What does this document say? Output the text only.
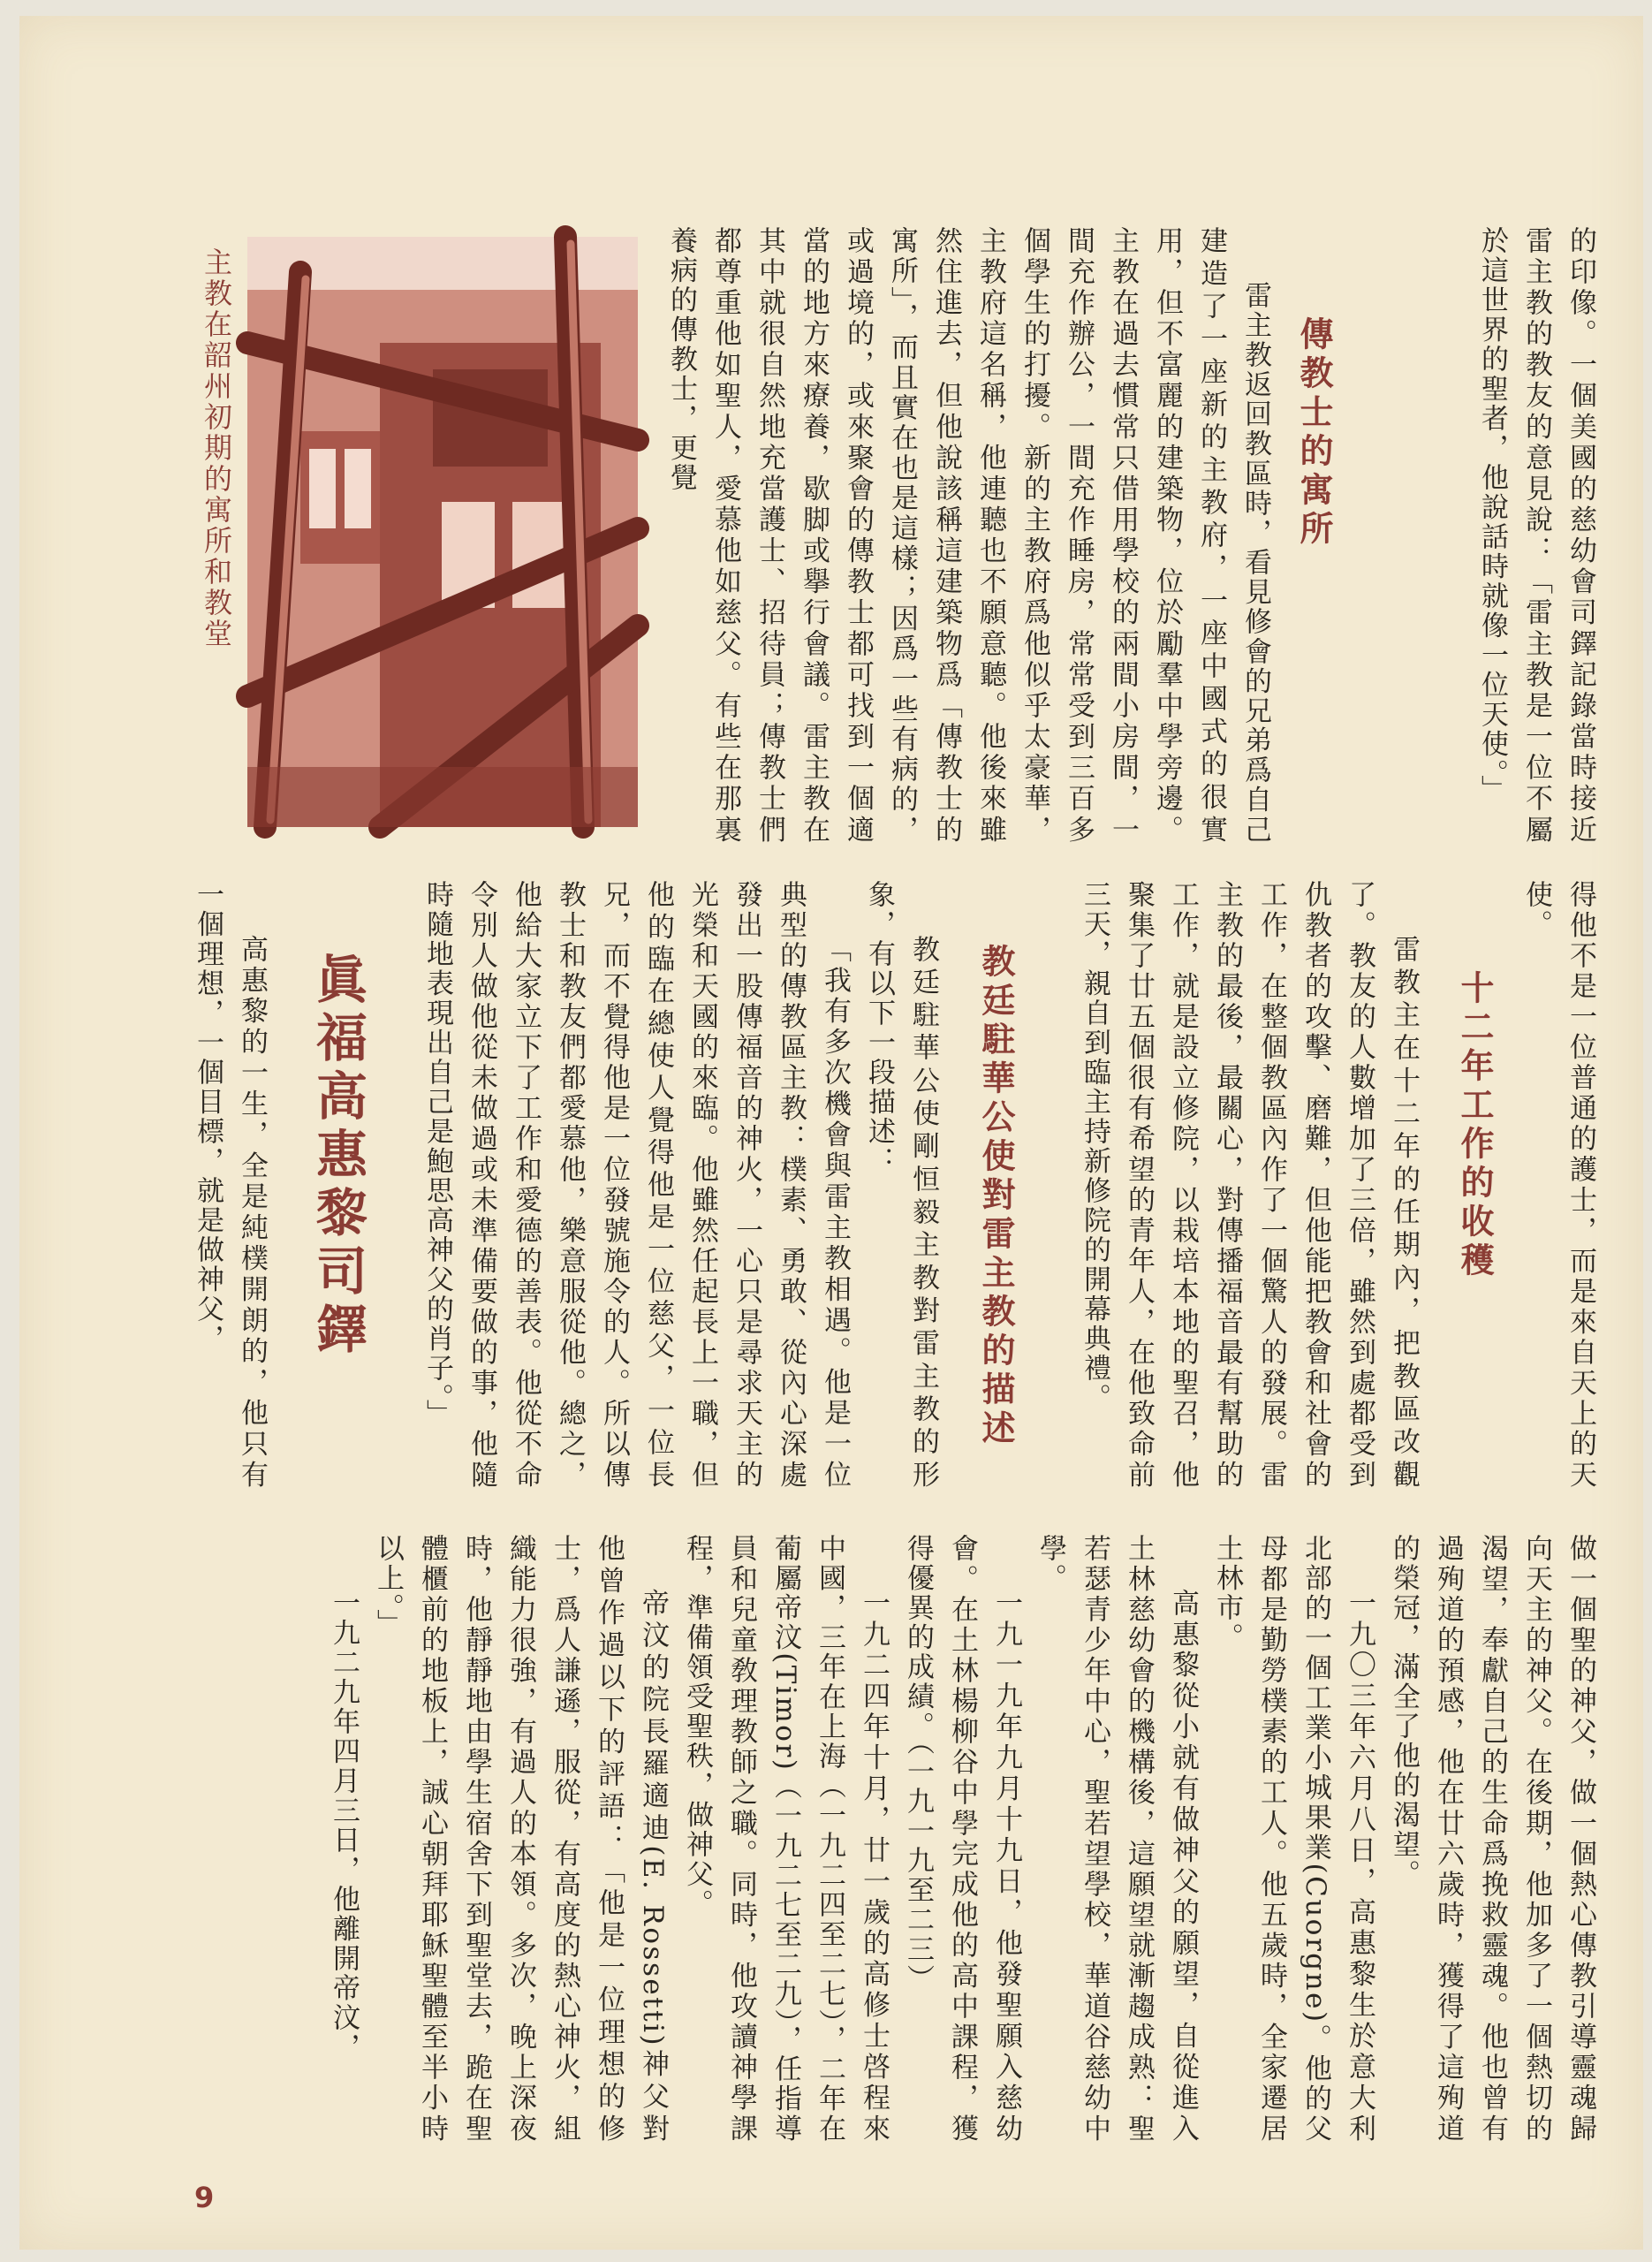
主教在韶州初期的寓所和教堂	的印像。一個美國的慈幼會司鐸記錄當時接近雷主教的教友的意見說：「雷主教是一位不屬於這世界的聖者，他說話時就像一位天使。」

傳教士的寓所

雷主教返回教區時，看見修會的兄弟爲自己建造了一座新的主教府，一座中國式的很實用，但不富麗的建築物，位於勵羣中學旁邊。主教在過去慣常只借用學校的兩間小房間，一間充作辦公，一間充作睡房，常常受到三百多個學生的打擾。新的主教府爲他似乎太豪華，主教府這名稱，他連聽也不願意聽。他後來雖然住進去，但他說該稱這建築物爲「傳教士的寓所」，而且實在也是這樣；因爲一些有病的，或過境的，或來聚會的傳教士都可找到一個適當的地方來療養，歇脚或擧行會議。雷主教在其中就很自然地充當護士、招待員；傳教士們都尊重他如聖人，愛慕他如慈父。有些在那裏養病的傳教士，更覺

得他不是一位普通的護士，而是來自天上的天使。

十二年工作的收穫

雷教主在十二年的任期內，把教區改觀了。教友的人數增加了三倍，雖然到處都受到仇教者的攻擊、磨難，但他能把教會和社會的工作，在整個教區內作了一個驚人的發展。雷主教的最後，最關心，對傳播福音最有幫助的工作，就是設立修院，以栽培本地的聖召，他聚集了廿五個很有希望的青年人，在他致命前三天，親自到臨主持新修院的開幕典禮。

教廷駐華公使對雷主教的描述

教廷駐華公使剛恒毅主教對雷主教的形象，有以下一段描述：

「我有多次機會與雷主教相遇。他是一位典型的傳教區主教：樸素、勇敢、從內心深處發出一股傳福音的神火，一心只是尋求天主的光榮和天國的來臨。他雖然任起長上一職，但他的臨在總使人覺得他是一位慈父，一位長兄，而不覺得他是一位發號施令的人。所以傳教士和教友們都愛慕他，樂意服從他。總之，他給大家立下了工作和愛德的善表。他從不命令別人做他從未做過或未準備要做的事，他隨時隨地表現出自己是鮑思高神父的肖子。」

眞福高惠黎司鐸

高惠黎的一生，全是純樸開朗的，他只有一個理想，一個目標，就是做神父，

做一個聖的神父，做一個熱心傳教引導靈魂歸向天主的神父。在後期，他加多了一個熱切的渴望，奉獻自己的生命爲挽救靈魂。他也曾有過殉道的預感，他在廿六歲時，獲得了這殉道的榮冠，滿全了他的渴望。

一九〇三年六月八日，高惠黎生於意大利北部的一個工業小城果業(Cuorgne)。他的父母都是勤勞樸素的工人。他五歲時，全家遷居土林市。

高惠黎從小就有做神父的願望，自從進入土林慈幼會的機構後，這願望就漸趨成熟：聖若瑟青少年中心，聖若望學校，華道谷慈幼中學。

一九一九年九月十九日，他發聖願入慈幼會。在土林楊柳谷中學完成他的高中課程，獲得優異的成績。（一九一九至二三）

一九二四年十月，廿一歲的高修士啓程來中國，三年在上海（一九二四至二七），二年在葡屬帝汶(Timor)（一九二七至二九），任指導員和兒童敎理教師之職。同時，他攻讀神學課程，準備領受聖秩，做神父。

帝汶的院長羅適迪(E. Rossetti)神父對他曾作過以下的評語：「他是一位理想的修士，爲人謙遜，服從，有高度的熱心神火，組織能力很強，有過人的本領。多次，晚上深夜時，他靜靜地由學生宿舍下到聖堂去，跪在聖體櫃前的地板上，誠心朝拜耶穌聖體至半小時以上。」

一九二九年四月三日，他離開帝汶，

9
